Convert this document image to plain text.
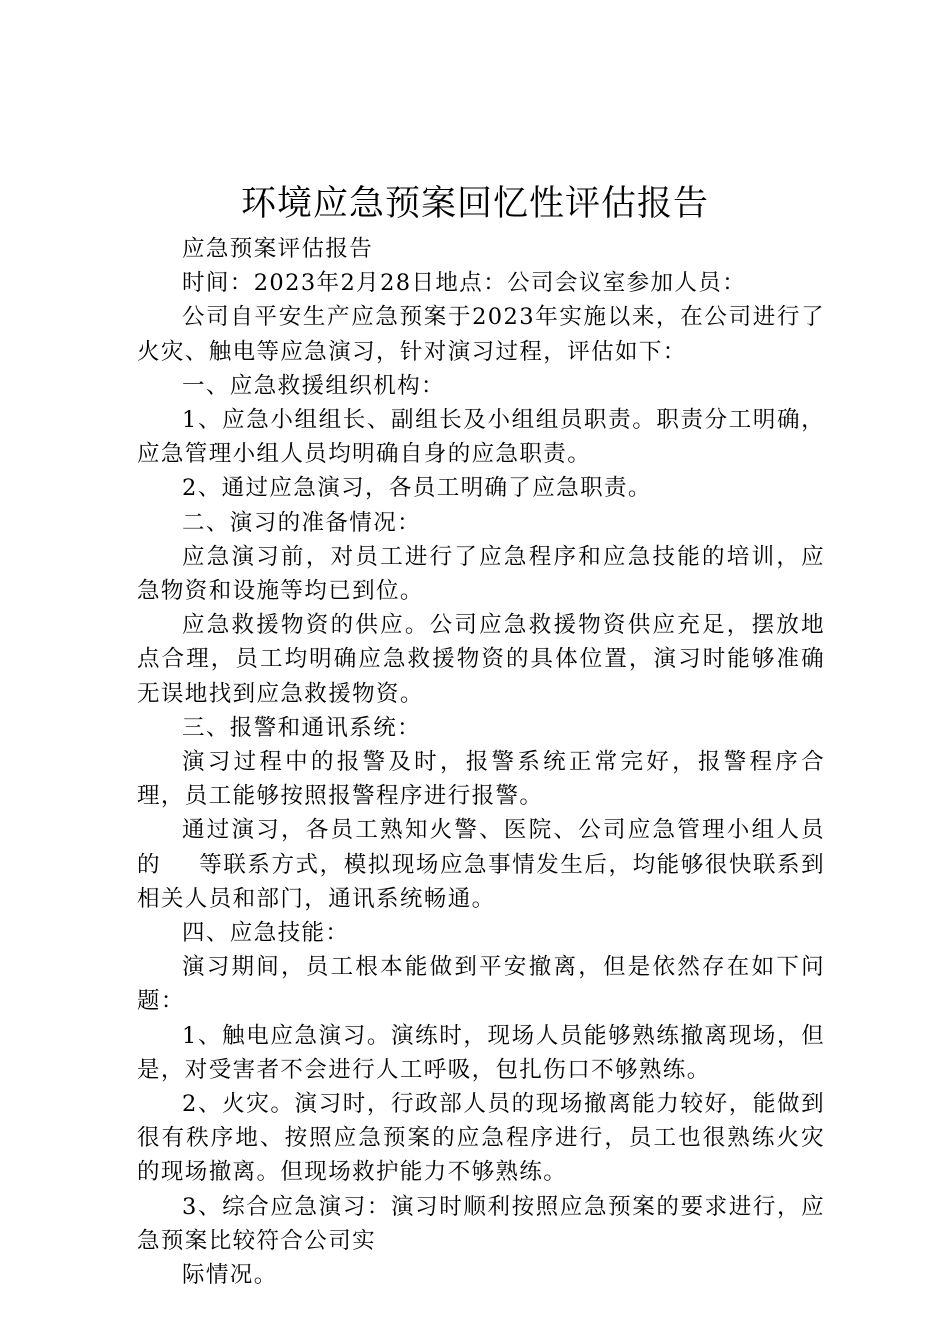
环境应急预案回忆性评估报告

应急预案评估报告

时间：2023年2月28日地点：公司会议室参加人员：

公司自平安生产应急预案于2023年实施以来，在公司进行了火灾、触电等应急演习，针对演习过程，评估如下：

一、应急救援组织机构：

1、应急小组组长、副组长及小组组员职责。职责分工明确，应急管理小组人员均明确自身的应急职责。

2、通过应急演习，各员工明确了应急职责。

二、演习的准备情况：

应急演习前，对员工进行了应急程序和应急技能的培训，应急物资和设施等均已到位。

应急救援物资的供应。公司应急救援物资供应充足，摆放地点合理，员工均明确应急救援物资的具体位置，演习时能够准确无误地找到应急救援物资。

三、报警和通讯系统：

演习过程中的报警及时，报警系统正常完好，报警程序合理，员工能够按照报警程序进行报警。

通过演习，各员工熟知火警、医院、公司应急管理小组人员的 等联系方式，模拟现场应急事情发生后，均能够很快联系到相关人员和部门，通讯系统畅通。

四、应急技能：

演习期间，员工根本能做到平安撤离，但是依然存在如下问题：

1、触电应急演习。演练时，现场人员能够熟练撤离现场，但是，对受害者不会进行人工呼吸，包扎伤口不够熟练。

2、火灾。演习时，行政部人员的现场撤离能力较好，能做到很有秩序地、按照应急预案的应急程序进行，员工也很熟练火灾的现场撤离。但现场救护能力不够熟练。

3、综合应急演习：演习时顺利按照应急预案的要求进行，应急预案比较符合公司实

际情况。
